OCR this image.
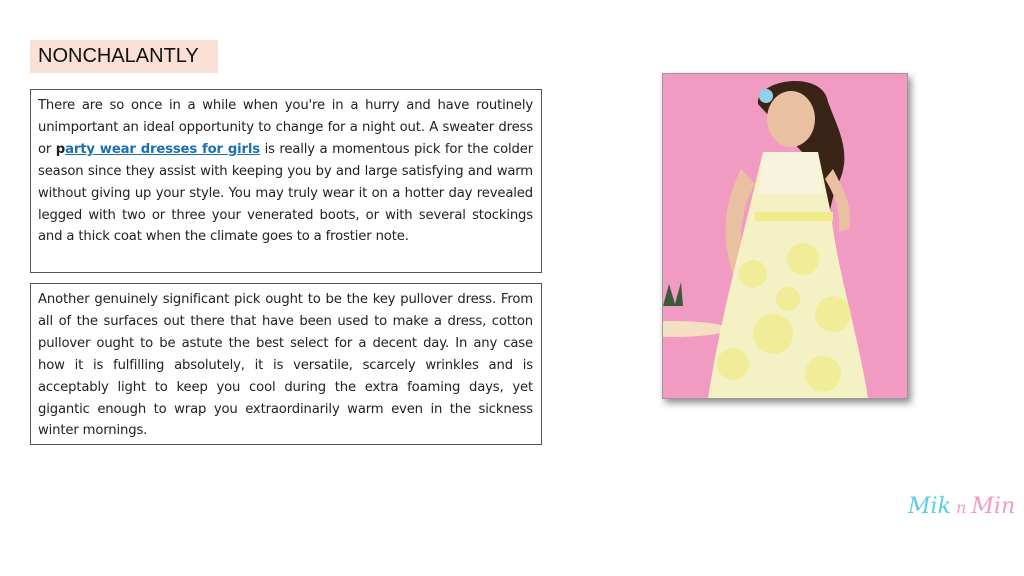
NONCHALANTLY
There are so once in a while when you're in a hurry and have routinely unimportant an ideal opportunity to change for a night out. A sweater dress or party wear dresses for girls is really a momentous pick for the colder season since they assist with keeping you by and large satisfying and warm without giving up your style. You may truly wear it on a hotter day revealed legged with two or three your venerated boots, or with several stockings and a thick coat when the climate goes to a frostier note.
Another genuinely significant pick ought to be the key pullover dress. From all of the surfaces out there that have been used to make a dress, cotton pullover ought to be astute the best select for a decent day. In any case how it is fulfilling absolutely, it is versatile, scarcely wrinkles and is acceptably light to keep you cool during the extra foaming days, yet gigantic enough to wrap you extraordinarily warm even in the sickness winter mornings.
Mik n Min
